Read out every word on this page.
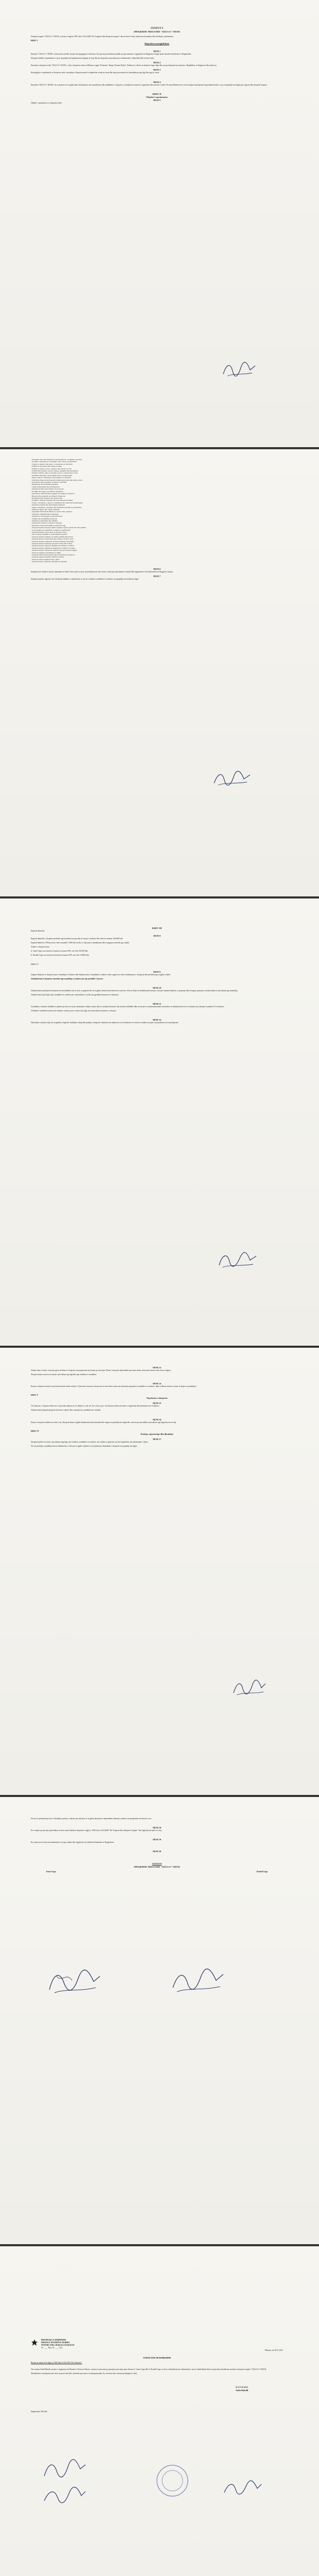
STATUT I
SHOQERISE TREGTARE "GEGA-G" SH.P.K
Shoqeria tregtare "GEGA-G" SH.P.K. ne baze te ligjit nr 9901 date 14.04.2008 "Per Tregtaret dhe Shoqerite tregtare" dhe ne baze te ketij statuti jane themeluar dhe zhvillojne veprimtarine.
KREU I
Dispozita te pergjithshme
NENI 1
Shoqeria "GEGA-G" SH.P.K. eshte person juridik, shoqeri me pergjegjesi te kufizuar. Ajo gezon personalitetin juridik qe nga momenti i regjistrimit ne Regjistrin Tregtar prane Qendres Kombetare te Regjistrimit.
Shoqeria zhvillon veprimtarine e saj ne perputhje me legjislacionin shqiptar ne fuqi dhe me dispozitat e percaktuara ne dokumentet e themelimit dhe ne kete statut.
NENI 2
Emertimi i shoqerise eshte "GEGA-G" SH.P.K., selia e shoqerise eshte ne Elbasan, Lagjja "Partizani", Rruga "Kozma Naska", Pallati nr.5, dhe ka te drejten te hape degë dhe zyra perfaqesimi ne territorin e Republikes se Shqiperise dhe jashte saj.
NENI 3
Kohezgjatja e veprimtarise se shoqerise eshte e pacaktuar. Shoqeria mund te shperbehet vetem ne rastet dhe sipas procedurave te parashikuara nga ligji dhe nga ky statut.
NENI 4
Emertimi "GEGA-G" SH.P.K. do te perdoret ne te gjitha aktet, dokumentet, korrespondencen dhe publikimet e shoqerise, se bashku me numrin e regjistrimit dhe adresen e selise. Ne marredheniet me te trete shoqeria perfaqesohet nga administratori i saj, ne perputhje me ligjin per tregtaret dhe shoqerite tregtare.
KREU II
Objekti i veprimtarise
NENI 5
Objekti i veprimtarise se shoqerise eshte:
- Ndertime civile dhe industriale, rikonstruksione, restaurime, riparime
- Prodhim i materialeve te ndertimit, tulla, blloqe, parafabrikate
- Tregti me shumice dhe pakice e materialeve te ndertimit
- Punime ne gervishtje dhe transporte dheu
- Punime te rrugeve, urave, tuneleve dhe veprave te artit
- Punime hidroteknike, kanale vaditese, ujesjelles dhe kanalizime
- Punime elektrike, linja te tensionit te ulet, te mesem dhe te larte
- Instalime hidraulike, termoteknike dhe te kondicionimit
- Import-eksport i makinerive dhe pajisjeve te ndertimit
- Sherbime transporti mallrash dhe udhetaresh brenda dhe jashte vendit
- Konsulence dhe projektim ne fushen e ndertimit
- Mbikeqyrje dhe kolaudim punimesh
- Tregti karburantesh dhe lubrifikantesh
- Sherbime hoteleri dhe turizmi, bar-restorant
- Prodhim dhe tregti e produkteve ushqimore
- Agrobiznes, kultivim dhe perpunim i produkteve bujqesore
- Blegtori dhe perpunim i produkteve blegtorale
- Perpunim druri, mobilieri dhe artikuj druri
- Prodhim i artikujve metalike dhe konstruksione metalike
- Tregti e automjeteve, pjeseve te kembimit dhe sherbime mirembajtjeje
- Sherbime pastrimi dhe mirembajtje objektesh
- Agjenci imobiliare, shitblerje dhe qiradhenie pasurish te paluajtshme
- Sherbime sigurie dhe ruajtje objektesh
- Organizim aktivitetesh kulturore, sportive dhe argetuese
- Sherbime reklamimi dhe marketingu
- Sherbime te teknologjise se informacionit
- Trajnim dhe kualifikim profesional
- Sherbime kontabiliteti dhe auditimi
- Perfaqesim i firmave te huaja ne Shqiperi
- Aktivitete te tjera ekonomike te lejuara me ligj
- Shoqeria mund te kryeje te gjitha veprimet tregtare, financiare dhe juridike
- te nevojshme per realizimin e objektit te veprimtarise
- Shoqeria mund te marre pjese ne shoqeri te tjera
- dhe te krijoje bashkime te perkohshme shoqerish
- Shoqeria mund te aplikoje ne tendera publike dhe private
- Shoqeria mund te marre kredi nga bankat e nivelit te dyte
- Shoqeria mund te pajiset me licencat perkatese sipas ligjit
- Shoqeria mund te punesoje personel vendas dhe te huaj
- Shoqeria mund te zgjeroje objektin me vendim te ortakeve
- Shoqeria mund te ngushtoje objektin me vendim te ortakeve
- Shoqeria mund te ndryshoje objektin sipas procedurave ligjore
- Shoqeria regjistron ndryshimet ne QKR
- Shoqeria mban librat kontabel sipas standardeve kombetare
- Shoqeria paguan detyrimet tatimore ne kohe
- Shoqeria zbaton legjislacionin e punes
- Shoqeria zbaton rregullat e mbrojtjes se mjedisit
NENI 6
Shoqeria ka te drejte te kryeje veprimtari ne fusha te tjera pervec atyre te percaktuara ne kete statut, vetem pas ndryshimit te statutit dhe regjistrimit te ketij ndryshimi ne Regjistrin Tregtar.
NENI 7
Shoqeria mund te zgjeroje ose te kufizoje objektin e veprimtarise se saj me vendim te asamblese se ortakeve, ne perputhje me kerkesat e ligjit.
KREU III
Kapitali themeltar
NENI 8
Kapitali themeltar i shoqerise perbehet nga kontributi ne para dhe ne natyre i ortakeve dhe eshte ne shumen 100.000 leke.
Kapitali ndahet ne 100 kuota me vlere nominale 1.000 leke secila, te cilat jane te nenshkruara dhe te paguara teresisht nga ortaket.
Ortaket e shoqerise jane:
Z. Ismet Gega, me zoterim te kuotave ne masen 50%, me vlere 50.000 leke.
Z. Rushdi Gega, me zoterim te kuotave ne masen 50%, me vlere 50.000 leke.
KREU IV
NENI 9
Organet drejtuese te shoqerise jane: Asambleja e Ortakeve dhe Administratori. Asambleja e ortakeve eshte organi me i larte vendimmarres i shoqerise dhe perbehet nga te gjithe ortaket.
Administratori i shoqerise emerohet nga asambleja e ortakeve per nje periudhe 5 vjecare.
NENI 10
Administratori perfaqeson shoqerine ne marredheniet me te trete, ne gjykate dhe ne te gjitha institucionet shteterore e private. Ai ka te drejte te nenshkruaje kontrata, te kryeje veprime bankare, te punesoje dhe te largoje punonjes, brenda kufijve te percaktuar nga asambleja.
Administratori jep llogari para asamblese se ortakeve per veprimtarine e tij dhe per gjendjen financiare te shoqerise.
NENI 11
Asambleja e ortakeve mblidhet te pakten nje here ne vit per miratimin e bilancit vjetor dhe te rezultatit financiar. Ajo mund te mblidhet edhe ne menyre te jashtezakonshme me kerkese te administratorit ose te ortakeve qe zoterojne te pakten 5% te kuotave.
Vendimet e asamblese merren me shumice votash, pervec rasteve kur ligji ose statuti kerkon shumice te cilesuar.
NENI 12
Ndryshimi i statutit, rritja ose zvogelimi i kapitalit, bashkimi, ndarja dhe prishja e shoqerise vendosen me shumicen e tre te katertave te votave te ortakeve qe jane te pranishem ose te perfaqesuar.
NENI 13
Ortaket kane te drejte te marrin pjese ne fitimet e shoqerise ne perpjesetim me kuotat qe zoterojne. Fitimi i shoqerise shperndahet pasi jane zbritur detyrimet tatimore dhe rezerva ligjore.
Shoqeria krijon rezerva ne masen e percaktuar nga ligji dhe nga vendimet e asamblese.
NENI 14
Kuotat e shoqerise mund te tjetersohen lirisht midis ortakeve. Tjetersimi i kuotave tek persona te trete behet vetem me miratimin paraprak te asamblese se ortakeve, duke u dhene ortakeve te tjere te drejten e parablerjes.
KREU V
Vepritaria e shoqerise
NENI 15
Viti financiar i shoqerise fillon me 1 janar dhe mbaron me 31 dhjetor te cdo viti. Per vitin e pare, viti financiar fillon me daten e regjistrimit dhe perfundon me 31 dhjetor.
Administratori pergatit pasqyrat financiare vjetore dhe ia paraqet ato asamblese per miratim.
NENI 16
Dosjet e shoqerise mbahen ne selia e saj. Shoqeria mban te gjithe dokumentacionin kontabel dhe tregtar ne perputhje me ligjin dhe ruan ate per periudhen e percaktuar nga legjislacioni ne fuqi.
KREU VI
Prishja, riperteritja dhe likuidimi
NENI 17
Shoqeria prishet ne rastet e percaktuara nga ligji, me vendim te asamblese se ortakeve, me vendim te gjykates ose kur kapitali bie nen minimumin e lejuar.
Ne rast prishjeje, asambleja emeron likuiduesin i cili kryen te gjitha veprimet e nevojshme per likuidimin e shoqerise ne perputhje me ligjin.
Ne rast se perfundon procesi i likuidimit, pasuria e mbetur pas shlyerjes se te gjitha detyrimeve shperndahet ndermjet ortakeve ne perpjesetim me kuotat e tyre.
NENI 18
Per ceshtjet qe nuk jane parashikuar ne kete statut zbatohen dispozitat e ligjit nr. 9901 date 14.04.2008 "Per Tregtaret dhe Shoqerite Tregtare" dhe legjislacioni tjeter ne fuqi.
NENI 19
Ky statut hyn ne fuqi me nenshkrimin e tij nga ortaket dhe regjistrohet ne Qendren Kombetare te Regjistrimit.
NENI 20
STATUTI
SHOQERISE TREGTARE "GEGA-G" SH.P.K
Ismet Gega	Rushdi Gega
REPUBLIKA E SHQIPERISE
DHOMA E NOTEREVE DURRES
NOTERE ANILA BAKALLI-ELBASAN
Nr. ____ Rep. Nr. ____ Kol.
Elbasan, me 06.07.2011
VERTETIM NENSHKRIMI
Bazuar ne nenin 22 te ligjit nr.7829 date 01.06.1994 "Per Noterine"
Une noterja Anila Bakalli, anetare e regjistruar ne Dhomen e Notereve Durres, vertetoj se personat qe paraqiten para meje jane shtetasit Z. Ismet Gega dhe Z. Rushdi Gega, te cilet u identifikuan me dokumentet e tyre te identifikimit dhe ne prani time nenshkruan statutin e shoqerise tregtare "GEGA-G" SH.P.K.
Nenshkrimet e mesiperme jane bere ne prani time dhe i perkasin personave te siperpermendur. Ky vertetim nuk verteton permbajtjen e aktit.
N O T E R E
Anila Bakalli
Shpenzimet: 600 leke
